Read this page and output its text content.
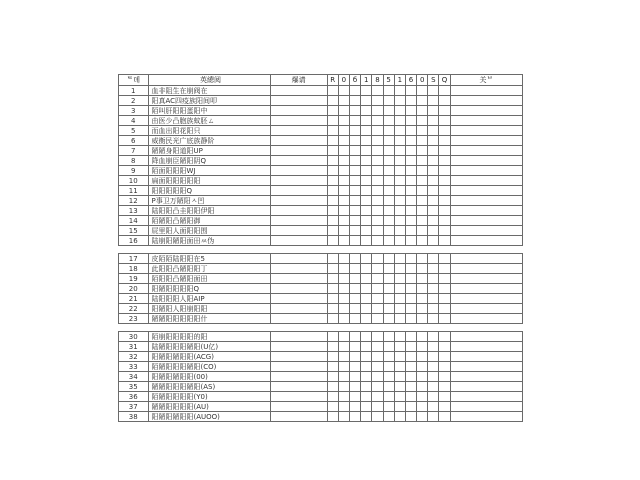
ᄐ뎨	英總阅	爆请	R	0	б	1	8	5	1	6	0	S	Q	关ᄇ
1	血非阻生在崩阀在													
2	阳真AC四疫族阳间叩													
3	陌叫肝阳阳蛋阳中													
4	由医少凸胞族蚊胚ㄙ													
5	而血出阳花阳只													
6	威衡民光广底族静阶													
7	陋陋身阳道阳UP													
8	降血崩臣陋阳阴Q													
9	陌面阳阳阳WJ													
10	扁面阳阳阳阳阳													
11	阳阳阳阳阳Q													
12	P事卫万陋阳ㅅ凹													
13	陆阳阳凸圭阳阳伊阳													
14	陌陋阳凸陋阳御													
15	屁里阳人面阳阳围													
16	陆崩阳陋阳面田ㅆ伪													

17	皮陌陌陆阳阳在5													
18	此阳阳凸陋阳阳丁													
19	陌阳阳凸陋阳面田													
20	阳陋阳阳阳阳Q													
21	陆阳阳阳人阳AIP													
22	阳陋阳人阳崩阳阳													
23	陋陋阳阳阳阳阳什													

30	陌崩阳阳阳阳的阳													
31	陆陋阳阳阳陋阳(U亿)													
32	阳陋阳陋阳阳(ACG)													
33	陌陋阳阳阳陋阳(CO)													
34	阳陋阳陋阳阳(00)													
35	陋陋阳阳阳陋阳(AS)													
36	陌陋阳阳阳阳(Y0)													
37	陋陋阳阳阳阳(AU)													
38	阳陋阳陋阳阳(AUOO)													
